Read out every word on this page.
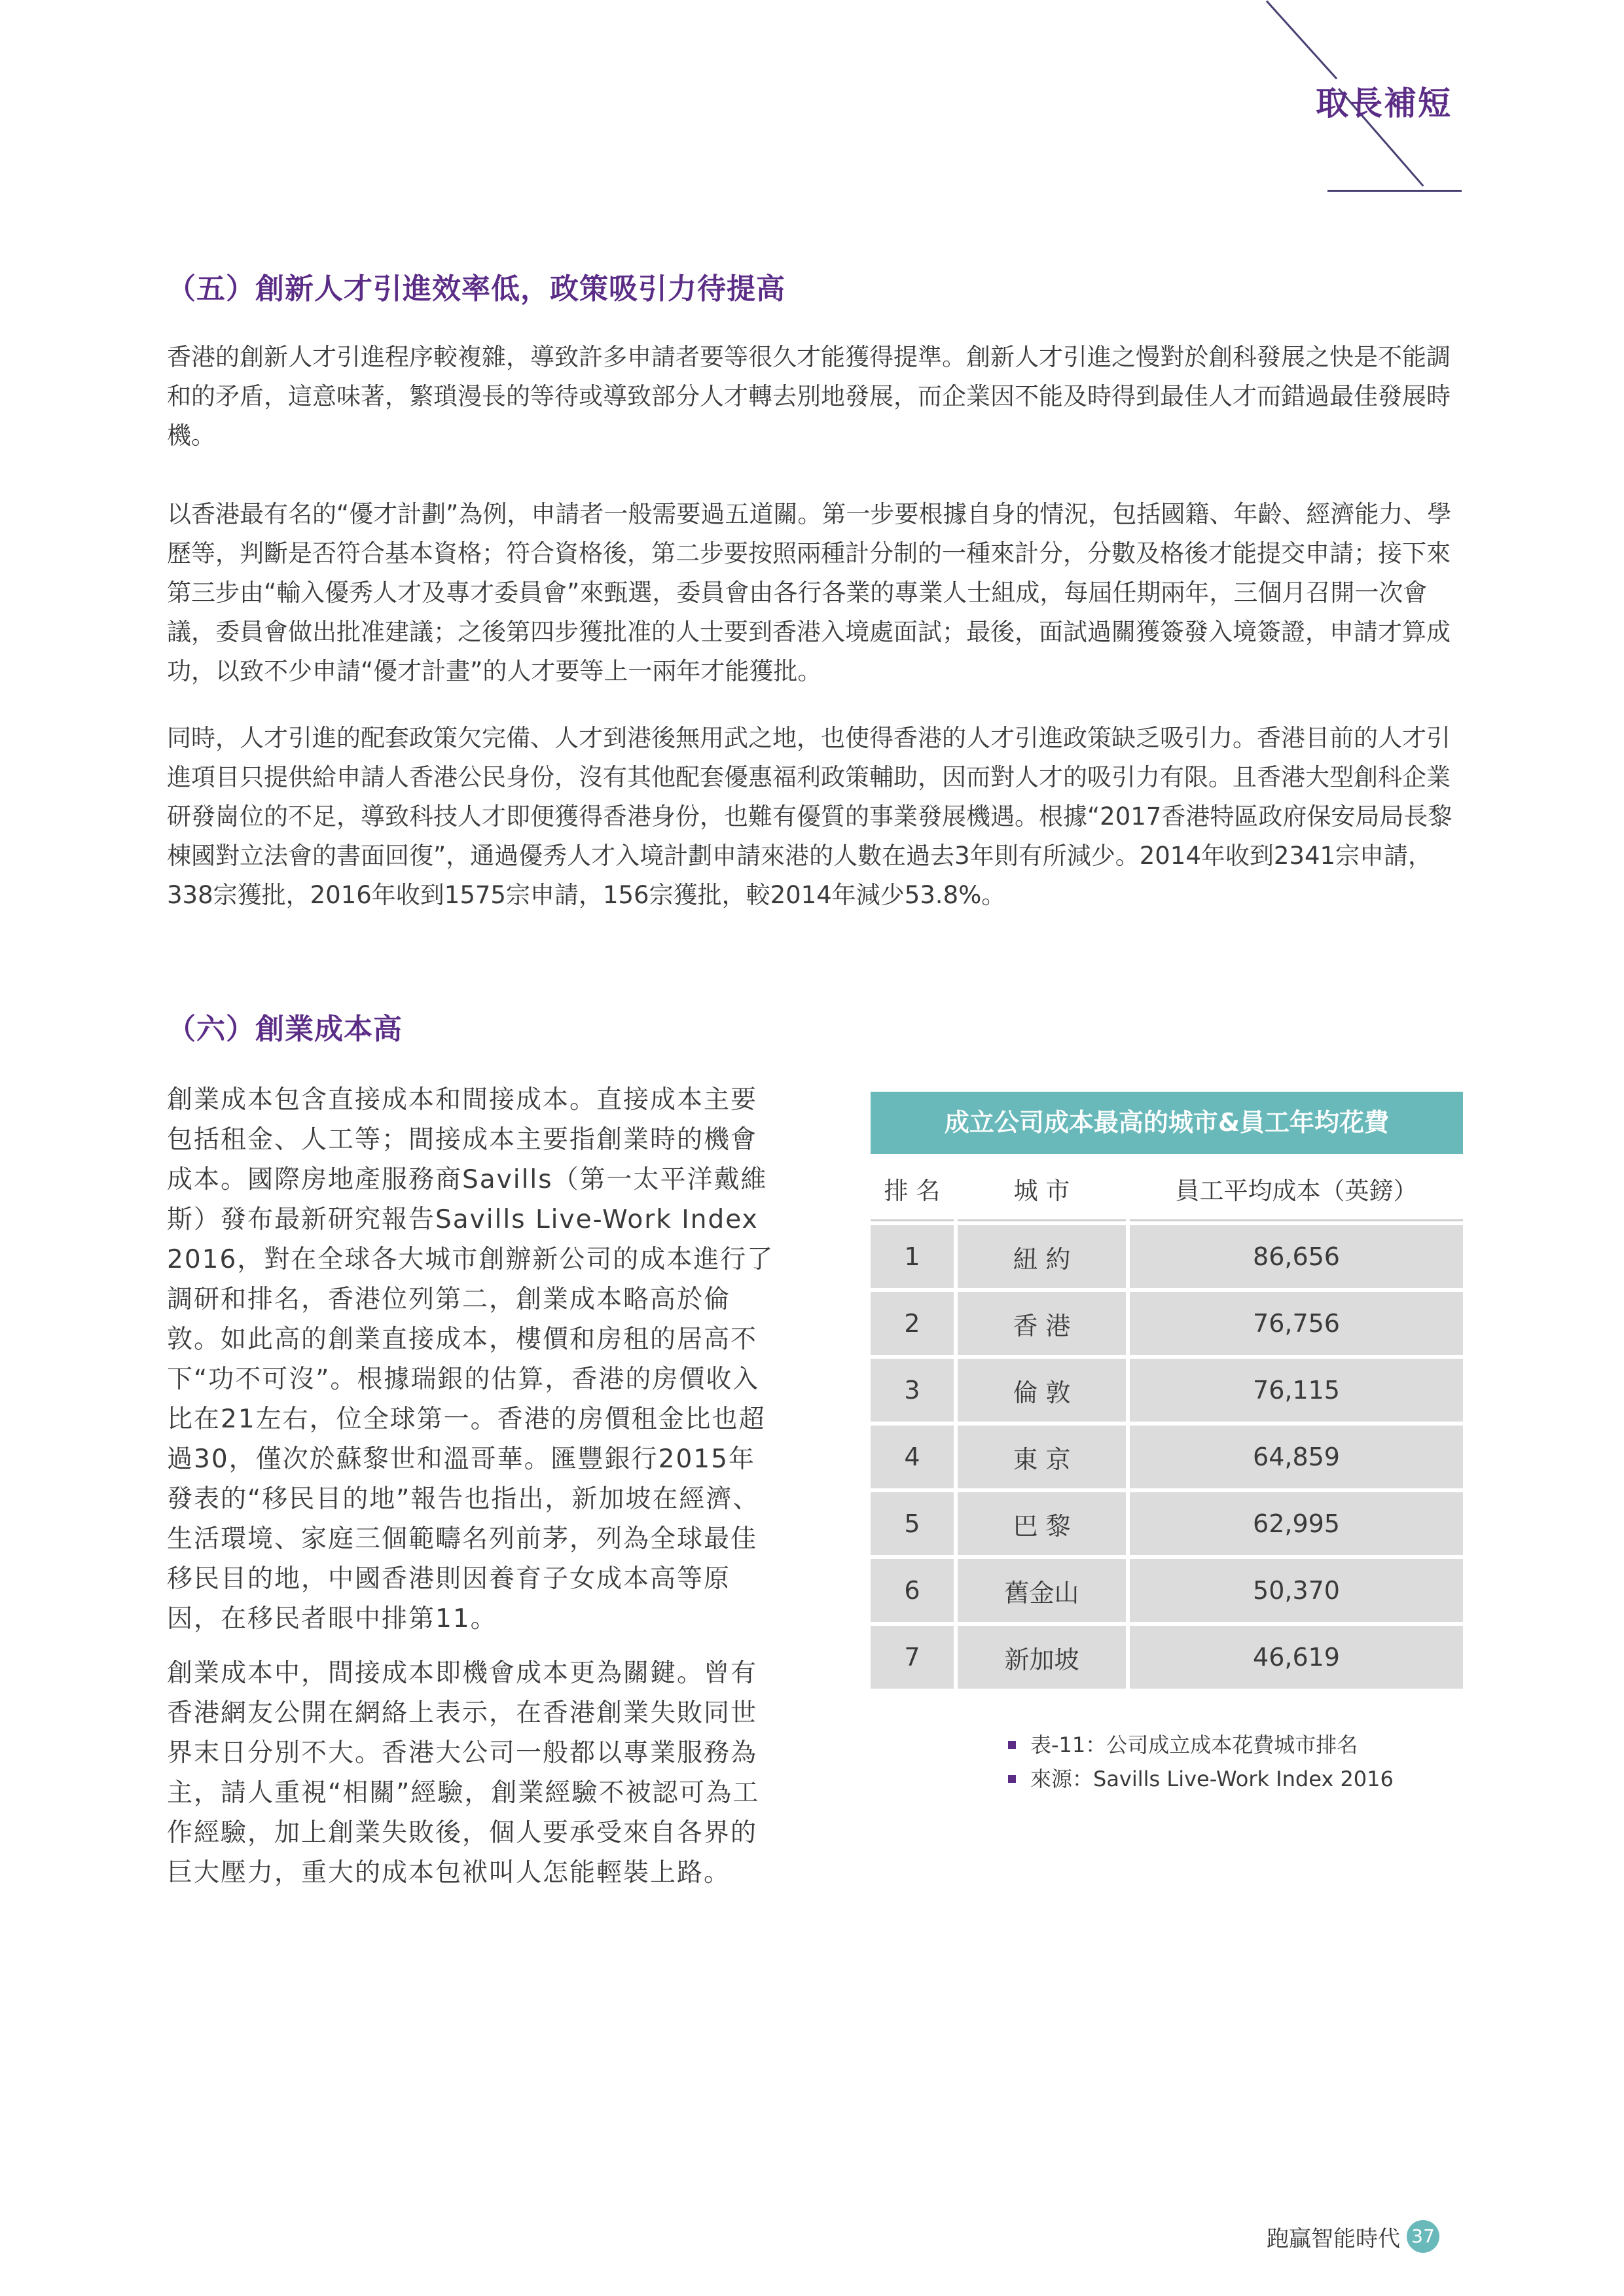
取長補短
（五）創新人才引進效率低，政策吸引力待提高

香港的創新人才引進程序較複雜，導致許多申請者要等很久才能獲得提準。創新人才引進之慢對於創科發展之快是不能調和的矛盾，這意味著，繁瑣漫長的等待或導致部分人才轉去別地發展，而企業因不能及時得到最佳人才而錯過最佳發展時機。

以香港最有名的“優才計劃”為例，申請者一般需要過五道關。第一步要根據自身的情況，包括國籍、年齡、經濟能力、學歷等，判斷是否符合基本資格；符合資格後，第二步要按照兩種計分制的一種來計分，分數及格後才能提交申請；接下來第三步由“輸入優秀人才及專才委員會”來甄選，委員會由各行各業的專業人士組成，每屆任期兩年，三個月召開一次會議，委員會做出批准建議；之後第四步獲批准的人士要到香港入境處面試；最後，面試過關獲簽發入境簽證，申請才算成功，以致不少申請“優才計畫”的人才要等上一兩年才能獲批。

同時，人才引進的配套政策欠完備、人才到港後無用武之地，也使得香港的人才引進政策缺乏吸引力。香港目前的人才引進項目只提供給申請人香港公民身份，沒有其他配套優惠福利政策輔助，因而對人才的吸引力有限。且香港大型創科企業研發崗位的不足，導致科技人才即便獲得香港身份，也難有優質的事業發展機遇。根據“2017香港特區政府保安局局長黎棟國對立法會的書面回復”，通過優秀人才入境計劃申請來港的人數在過去3年則有所減少。2014年收到2341宗申請，338宗獲批，2016年收到1575宗申請，156宗獲批，較2014年減少53.8%。

（六）創業成本高

創業成本包含直接成本和間接成本。直接成本主要包括租金、人工等；間接成本主要指創業時的機會成本。國際房地產服務商Savills（第一太平洋戴維斯）發布最新研究報告Savills Live-Work Index 2016，對在全球各大城市創辦新公司的成本進行了調研和排名，香港位列第二，創業成本略高於倫敦。如此高的創業直接成本，樓價和房租的居高不下“功不可沒”。根據瑞銀的估算，香港的房價收入比在21左右，位全球第一。香港的房價租金比也超過30，僅次於蘇黎世和溫哥華。匯豐銀行2015年發表的“移民目的地”報告也指出，新加坡在經濟、生活環境、家庭三個範疇名列前茅，列為全球最佳移民目的地，中國香港則因養育子女成本高等原因，在移民者眼中排第11。

創業成本中，間接成本即機會成本更為關鍵。曾有香港網友公開在網絡上表示，在香港創業失敗同世界末日分別不大。香港大公司一般都以專業服務為主，請人重視“相關”經驗，創業經驗不被認可為工作經驗，加上創業失敗後，個人要承受來自各界的巨大壓力，重大的成本包袱叫人怎能輕裝上路。

成立公司成本最高的城市&員工年均花費
排 名	城 市	員工平均成本（英鎊）
1	紐 約	86,656
2	香 港	76,756
3	倫 敦	76,115
4	東 京	64,859
5	巴 黎	62,995
6	舊金山	50,370
7	新加坡	46,619
表-11：公司成立成本花費城市排名
來源：Savills Live-Work Index 2016
跑贏智能時代 37
